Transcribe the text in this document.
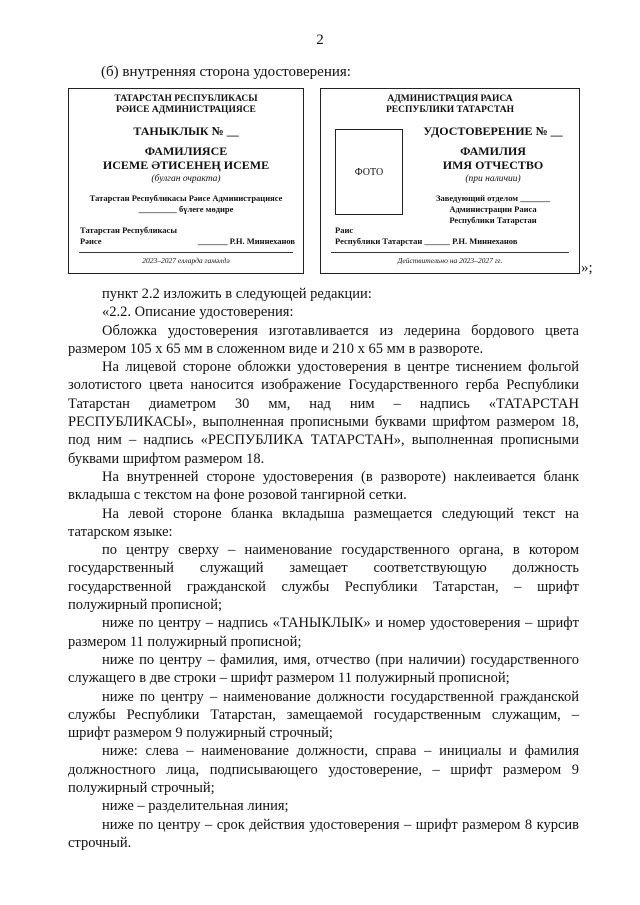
2
(б) внутренняя сторона удостоверения:
ТАТАРСТАН РЕСПУБЛИКАСЫ
РӘИСЕ АДМИНИСТРАЦИЯСЕ
ТАНЫКЛЫК № __
ФАМИЛИЯСЕ
ИСЕМЕ ӘТИСЕНЕҢ ИСЕМЕ
(булган очракта)
Татарстан Республикасы Рәисе Администрациясе
_________ бүлеге мөдире
Татарстан Республикасы
Рәисе	_______ Р.Н. Миннеханов
2023–2027 елларда гамәлдә
АДМИНИСТРАЦИЯ РАИСА
РЕСПУБЛИКИ ТАТАРСТАН
ФОТО
УДОСТОВЕРЕНИЕ № __
ФАМИЛИЯ
ИМЯ ОТЧЕСТВО
(при наличии)
Заведующий отделом _______
Администрации Раиса
Республики Татарстан
Раис
Республики Татарстан ______ Р.Н. Миннеханов
Действительно на 2023–2027 гг.	»;

пункт 2.2 изложить в следующей редакции:

«2.2. Описание удостоверения:

Обложка удостоверения изготавливается из ледерина бордового цвета размером 105 х 65 мм в сложенном виде и 210 х 65 мм в развороте.

На лицевой стороне обложки удостоверения в центре тиснением фольгой золотистого цвета наносится изображение Государственного герба Республики Татарстан диаметром 30 мм, над ним – надпись «ТАТАРСТАН РЕСПУБЛИКАСЫ», выполненная прописными буквами шрифтом размером 18, под ним – надпись «РЕСПУБЛИКА ТАТАРСТАН», выполненная прописными буквами шрифтом размером 18.

На внутренней стороне удостоверения (в развороте) наклеивается бланк вкладыша с текстом на фоне розовой тангирной сетки.

На левой стороне бланка вкладыша размещается следующий текст на татарском языке:

по центру сверху – наименование государственного органа, в котором государственный служащий замещает соответствующую должность государственной гражданской службы Республики Татарстан, – шрифт полужирный прописной;

ниже по центру – надпись «ТАНЫКЛЫК» и номер удостоверения – шрифт размером 11 полужирный прописной;

ниже по центру – фамилия, имя, отчество (при наличии) государственного служащего в две строки – шрифт размером 11 полужирный прописной;

ниже по центру – наименование должности государственной гражданской службы Республики Татарстан, замещаемой государственным служащим, – шрифт размером 9 полужирный строчный;

ниже: слева – наименование должности, справа – инициалы и фамилия должностного лица, подписывающего удостоверение, – шрифт размером 9 полужирный строчный;

ниже – разделительная линия;

ниже по центру – срок действия удостоверения – шрифт размером 8 курсив строчный.
